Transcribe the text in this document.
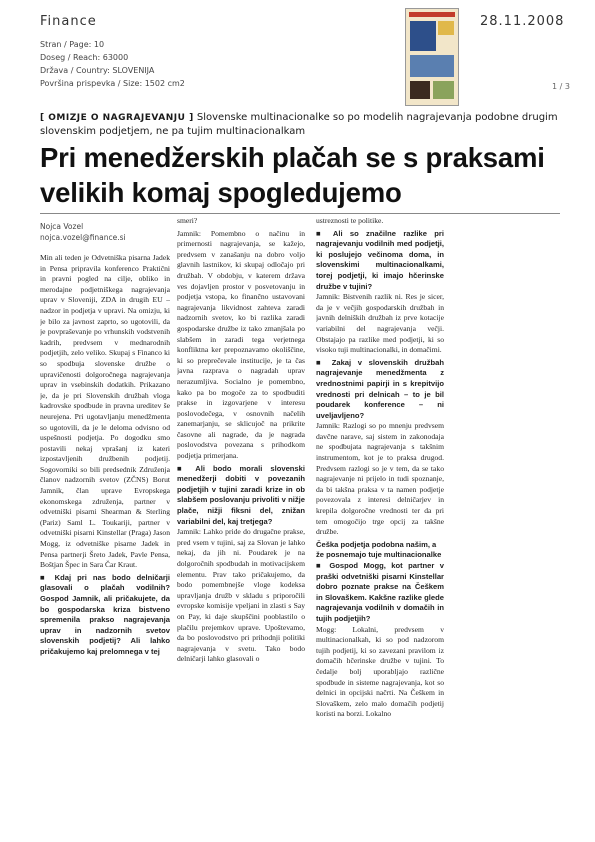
Finance	28.11.2008
Stran / Page: 10
Doseg / Reach: 63000
Država / Country: SLOVENIJA
Površina prispevka / Size: 1502 cm2	1 / 3
[ OMIZJE O NAGRAJEVANJU ] Slovenske multinacionalke so po modelih nagrajevanja podobne drugim slovenskim podjetjem, ne pa tujim multinacionalkam
Pri menedžerskih plačah se s praksami velikih komaj spogledujemo
Nojca Vozel
nojca.vozel@finance.si

Min ali teden je Odvetniška pisarna Jadek in Pensa pripravila konferenco Praktični in pravni pogled na cilje, obliko in merodajne podjetniškega nagrajevanja uprav v Sloveniji, ZDA in drugih EU – nadzor in podjetja v upravi. Na omizju, ki je bilo za javnost zaprto, so ugotovili, da je povpraševanje po vrhunskih vodstvenih kadrih, predvsem v mednarodnih podjetjih, zelo veliko. Skupaj s Financo ki so spodbuja slovenske družbe o upravičenosti dolgoročnega nagrajevanja uprav in vsebinskih dodatkih. Prikazano je, da je pri Slovenskih družbah vloga kadrovske spodbude in pravna ureditev še neurejena. Pri ugotavljanju menedžmenta so ugotovili, da je le deloma odvisno od uspešnosti podjetja. Po dogodku smo postavili nekaj vprašanj iz kateri izpostavljenih družbenih podjetij. Sogovorniki so bili predsednik Združenja članov nadzornih svetov (ZČNS) Borut Jamnik, član uprave Evropskega ekonomskega združenja, partner v odvetniški pisarni Shearman & Sterling (Pariz) Saml L. Toukariji, partner v odvetniški pisarni Kinstellar (Praga) Jason Mogg, iz odvetniške pisarne Jadek in Pensa partnerji Šreto Jadek, Pavle Pensa, Boštjan Špec in Sara Čar Kraut.

■ Kdaj pri nas bodo delničarji glasovali o plačah vodilnih? Gospod Jamnik, ali pričakujete, da bo gospodarska kriza bistveno spremenila prakso nagrajevanja uprav in nadzornih svetov slovenskih podjetij? Ali lahko pričakujemo kaj prelomnega v tej

smeri?

Jamnik: Pomembno o načinu in primernosti nagrajevanja, se kažejo, predvsem v zanašanju na dobro voljo glavnih lastnikov, ki skupaj odločajo pri družbah. V obdobju, v katerem država ves dojavljen prostor v posvetovanju in podjetja vstopa, ko finančno ustavovani nagrajevanja likvidnost zahteva zaradi nadzornih svetov, ko bi razlika zaradi gospodarske družbe iz tako zmanjšala po slabšem in zaradi tega verjetnega konfliktna ker prepoznavamo okoliščine, ki so preprečevale institucije, je ta čas javna razprava o nagradah uprav nerazumljiva. Socialno je pomembno, kako pa bo mogoče za to spodbuditi prakse in izgovarjene v interesu poslovodečega, v osnovnih načelih zanemarjanju, se sklicujoč na prikrite časovne ali nagrade, da je nagrada poslovodstva povezana s prihodkom podjetja primerjana.

■ Ali bodo morali slovenski menedžerji dobiti v povezanih podjetjih v tujini zaradi krize in ob slabšem poslovanju privoliti v nižje plače, nižji fiksni del, znižan variabilni del, kaj tretjega?

Jamnik: Lahko pride do drugačne prakse, pred vsem v tujini, saj za Slovan je lahko nekaj, da jih ni. Poudarek je na dolgoročnih spodbudah in motivacijskem elementu. Prav tako pričakujemo, da bodo pomembnejše vloge kodeksa upravljanja družb v skladu s priporočili evropske komisije vpeljani in zlasti s Say on Pay, ki daje skupščini pooblastilo o plačilu prejemkov uprave. Upoštevamo, da bo poslovodstvo pri prihodnji politiki nagrajevanja v svetu. Tako bodo delničarji lahko glasovali o

ustreznosti te politike.

■ Ali so značilne razlike pri nagrajevanju vodilnih med podjetji, ki poslujejo večinoma doma, in slovenskimi multinacionalkami, torej podjetji, ki imajo hčerinske družbe v tujini?

Jamnik: Bistvenih razlik ni. Res je sicer, da je v večjih gospodarskih družbah in javnih delniških družbah iz prve kotacije variabilni del nagrajevanja večji. Obstajajo pa razlike med podjetji, ki so visoko tuji multinacionalki, in domačimi.

■ Zakaj v slovenskih družbah nagrajevanje menedžmenta z vrednostnimi papirji in s krepitvijo vrednosti pri delnicah – to je bil poudarek konference – ni uveljavljeno?

Jamnik: Razlogi so po mnenju predvsem davčne narave, saj sistem in zakonodaja ne spodbujata nagrajevanja s takšnim instrumentom, kot je to praksa drugod. Predvsem razlogi so je v tem, da se tako nagrajevanje ni prijelo in tudi spoznanje, da bi takšna praksa v ta namen podjetje povezovala z interesi delničarjev in krepila dolgoročne vrednosti ter da pri tem omogočijo trge opcij za takšne družbe.

Češka podjetja podobna našim, a že posnemajo tuje multinacionalke

■ Gospod Mogg, kot partner v praški odvetniški pisarni Kinstellar dobro poznate prakse na Češkem in Slovaškem. Kakšne razlike glede nagrajevanja vodilnih v domačih in tujih podjetjih?

Mogg: Lokalni, predvsem v multinacionalkah, ki so pod nadzorom tujih podjetij, ki so zavezani pravilom iz domačih hčerinske družbe v tujini. To čedalje bolj uporabljajo različne spodbude in sisteme nagrajevanja, kot so delnici in opcijski načrti. Na Češkem in Slovaškem, zelo malo domačih podjetij koristi na borzi. Lokalno
